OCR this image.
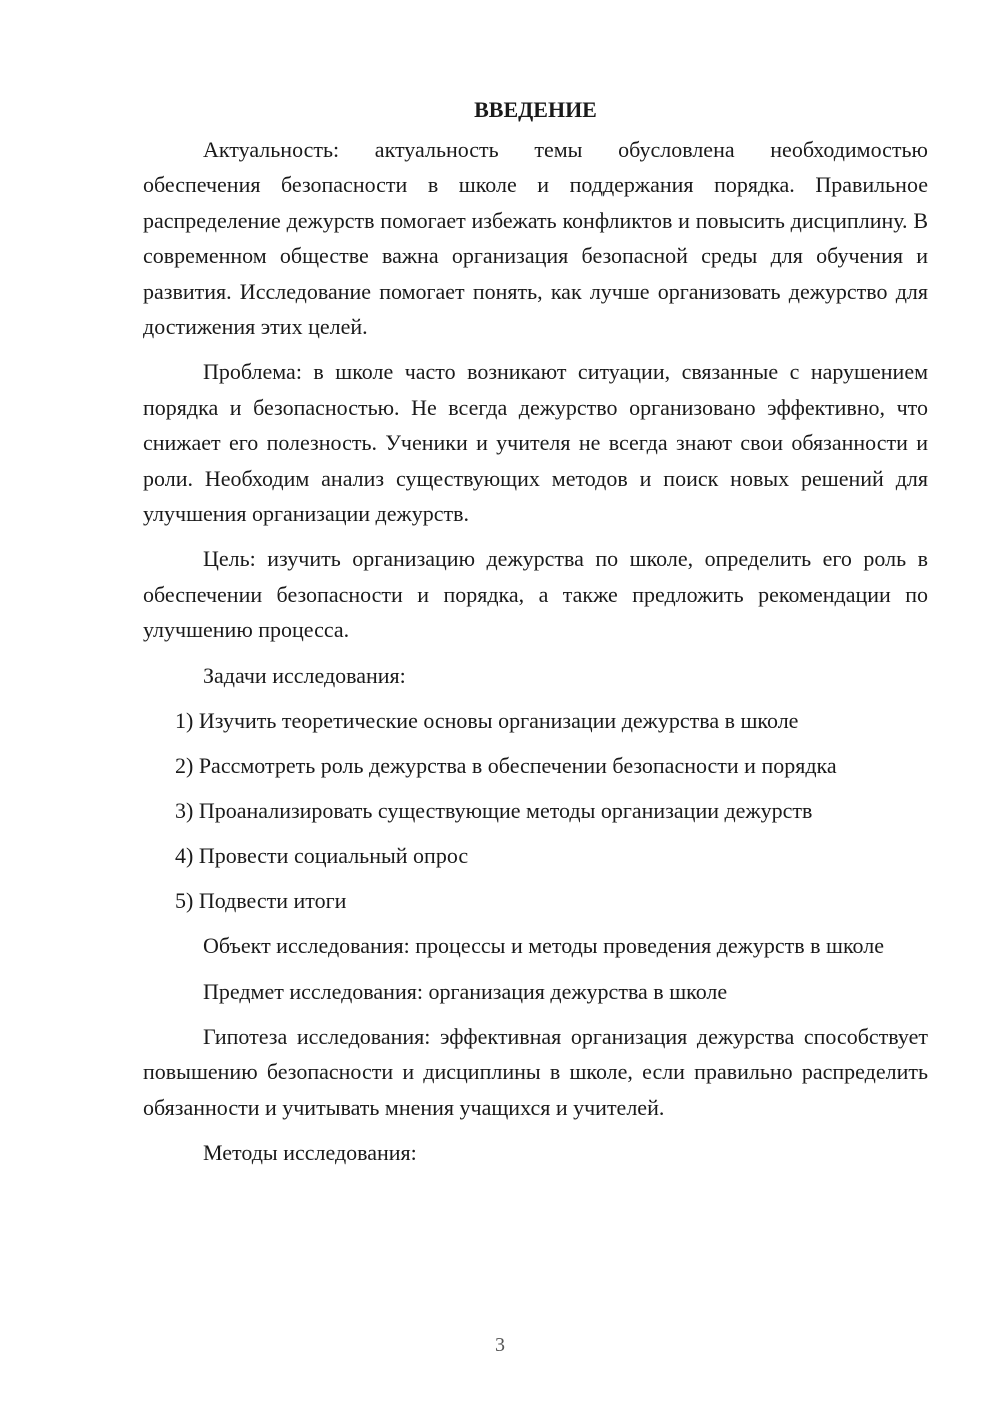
ВВЕДЕНИЕ

Актуальность: актуальность темы обусловлена необходимостью обеспечения безопасности в школе и поддержания порядка. Правильное распределение дежурств помогает избежать конфликтов и повысить дисциплину. В современном обществе важна организация безопасной среды для обучения и развития. Исследование помогает понять, как лучше организовать дежурство для достижения этих целей.

Проблема: в школе часто возникают ситуации, связанные с нарушением порядка и безопасностью. Не всегда дежурство организовано эффективно, что снижает его полезность. Ученики и учителя не всегда знают свои обязанности и роли. Необходим анализ существующих методов и поиск новых решений для улучшения организации дежурств.

Цель: изучить организацию дежурства по школе, определить его роль в обеспечении безопасности и порядка, а также предложить рекомендации по улучшению процесса.

Задачи исследования:

1) Изучить теоретические основы организации дежурства в школе
2) Рассмотреть роль дежурства в обеспечении безопасности и порядка
3) Проанализировать существующие методы организации дежурств
4) Провести социальный опрос
5) Подвести итоги

Объект исследования: процессы и методы проведения дежурств в школе

Предмет исследования: организация дежурства в школе

Гипотеза исследования: эффективная организация дежурства способствует повышению безопасности и дисциплины в школе, если правильно распределить обязанности и учитывать мнения учащихся и учителей.

Методы исследования:

3
